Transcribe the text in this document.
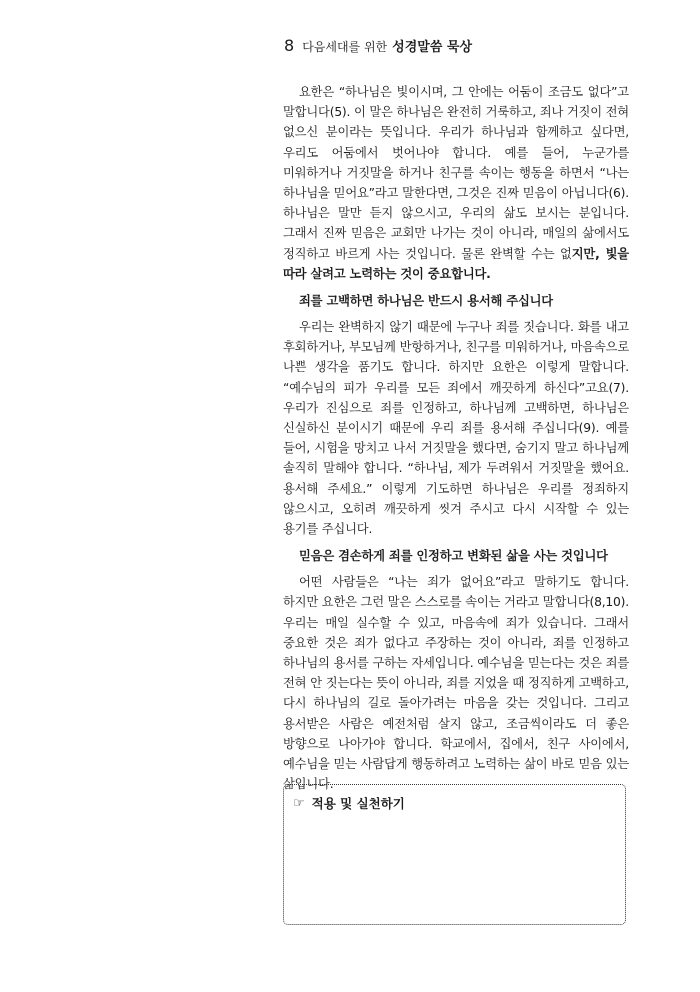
8 다음세대를 위한 성경말씀 묵상

요한은 “하나님은 빛이시며, 그 안에는 어둠이 조금도 없다”고 말합니다(5). 이 말은 하나님은 완전히 거룩하고, 죄나 거짓이 전혀 없으신 분이라는 뜻입니다. 우리가 하나님과 함께하고 싶다면, 우리도 어둠에서 벗어나야 합니다. 예를 들어, 누군가를 미워하거나 거짓말을 하거나 친구를 속이는 행동을 하면서 “나는 하나님을 믿어요”라고 말한다면, 그것은 진짜 믿음이 아닙니다(6). 하나님은 말만 듣지 않으시고, 우리의 삶도 보시는 분입니다. 그래서 진짜 믿음은 교회만 나가는 것이 아니라, 매일의 삶에서도 정직하고 바르게 사는 것입니다. 물론 완벽할 수는 없지만, 빛을 따라 살려고 노력하는 것이 중요합니다.

죄를 고백하면 하나님은 반드시 용서해 주십니다

우리는 완벽하지 않기 때문에 누구나 죄를 짓습니다. 화를 내고 후회하거나, 부모님께 반항하거나, 친구를 미워하거나, 마음속으로 나쁜 생각을 품기도 합니다. 하지만 요한은 이렇게 말합니다. “예수님의 피가 우리를 모든 죄에서 깨끗하게 하신다”고요(7). 우리가 진심으로 죄를 인정하고, 하나님께 고백하면, 하나님은 신실하신 분이시기 때문에 우리 죄를 용서해 주십니다(9). 예를 들어, 시험을 망치고 나서 거짓말을 했다면, 숨기지 말고 하나님께 솔직히 말해야 합니다. “하나님, 제가 두려워서 거짓말을 했어요. 용서해 주세요.” 이렇게 기도하면 하나님은 우리를 정죄하지 않으시고, 오히려 깨끗하게 씻겨 주시고 다시 시작할 수 있는 용기를 주십니다.

믿음은 겸손하게 죄를 인정하고 변화된 삶을 사는 것입니다

어떤 사람들은 “나는 죄가 없어요”라고 말하기도 합니다. 하지만 요한은 그런 말은 스스로를 속이는 거라고 말합니다(8,10). 우리는 매일 실수할 수 있고, 마음속에 죄가 있습니다. 그래서 중요한 것은 죄가 없다고 주장하는 것이 아니라, 죄를 인정하고 하나님의 용서를 구하는 자세입니다. 예수님을 믿는다는 것은 죄를 전혀 안 짓는다는 뜻이 아니라, 죄를 지었을 때 정직하게 고백하고, 다시 하나님의 길로 돌아가려는 마음을 갖는 것입니다. 그리고 용서받은 사람은 예전처럼 살지 않고, 조금씩이라도 더 좋은 방향으로 나아가야 합니다. 학교에서, 집에서, 친구 사이에서, 예수님을 믿는 사람답게 행동하려고 노력하는 삶이 바로 믿음 있는 삶입니다.

☞ 적용 및 실천하기
